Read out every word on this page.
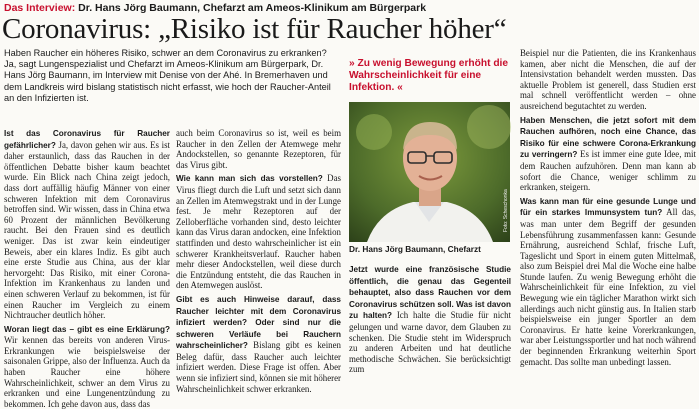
Das Interview: Dr. Hans Jörg Baumann, Chefarzt am Ameos-Klinikum am Bürgerpark
Coronavirus: „Risiko ist für Raucher höher“
Haben Raucher ein höheres Risiko, schwer an dem Coronavirus zu erkranken? Ja, sagt Lungenspezialist und Chefarzt im Ameos-Klinikum am Bürgerpark, Dr. Hans Jörg Baumann, im Interview mit Denise von der Ahé. In Bremerhaven und dem Landkreis wird bislang statistisch nicht erfasst, wie hoch der Raucher-Anteil an den Infizierten ist.

Ist das Coronavirus für Raucher gefährlicher? Ja, davon gehen wir aus. Es ist daher erstaunlich, dass das Rauchen in der öffentlichen Debatte bisher kaum beachtet wurde. Ein Blick nach China zeigt jedoch, dass dort auffällig häufig Männer von einer schweren Infektion mit dem Coronavirus betroffen sind. Wir wissen, dass in China etwa 60 Prozent der männlichen Bevölkerung raucht. Bei den Frauen sind es deutlich weniger. Das ist zwar kein eindeutiger Beweis, aber ein klares Indiz. Es gibt auch eine erste Studie aus China, aus der klar hervorgeht: Das Risiko, mit einer Corona-Infektion im Krankenhaus zu landen und einen schweren Verlauf zu bekommen, ist für einen Raucher im Vergleich zu einem Nichtraucher deutlich höher.

Woran liegt das – gibt es eine Erklärung? Wir kennen das bereits von anderen Virus-Erkrankungen wie beispielsweise der saisonalen Grippe, also der Influenza. Auch da haben Raucher eine höhere Wahrscheinlichkeit, schwer an dem Virus zu erkranken und eine Lungenentzündung zu bekommen. Ich gehe davon aus, dass das

auch beim Coronavirus so ist, weil es beim Raucher in den Zellen der Atemwege mehr Andockstellen, so genannte Rezeptoren, für das Virus gibt.

Wie kann man sich das vorstellen? Das Virus fliegt durch die Luft und setzt sich dann an Zellen im Atemwegstrakt und in der Lunge fest. Je mehr Rezeptoren auf der Zelloberfläche vorhanden sind, desto leichter kann das Virus daran andocken, eine Infektion stattfinden und desto wahrscheinlicher ist ein schwerer Krankheitsverlauf. Raucher haben mehr dieser Andockstellen, weil diese durch die Entzündung entsteht, die das Rauchen in den Atemwegen auslöst.

Gibt es auch Hinweise darauf, dass Raucher leichter mit dem Coronavirus infiziert werden? Oder sind nur die schweren Verläufe bei Rauchern wahrscheinlicher? Bislang gibt es keinen Beleg dafür, dass Raucher auch leichter infiziert werden. Diese Frage ist offen. Aber wenn sie infiziert sind, können sie mit höherer Wahrscheinlichkeit schwer erkranken.

» Zu wenig Bewegung erhöht die Wahrscheinlichkeit für eine Infektion. «
Foto: Scheschonka
Dr. Hans Jörg Baumann, Chefarzt

Jetzt wurde eine französische Studie öffentlich, die genau das Gegenteil behauptet, also dass Rauchen vor dem Coronavirus schützen soll. Was ist davon zu halten? Ich halte die Studie für nicht gelungen und warne davor, dem Glauben zu schenken. Die Studie steht im Widerspruch zu anderen Arbeiten und hat deutliche methodische Schwächen. Sie berücksichtigt zum

Beispiel nur die Patienten, die ins Krankenhaus kamen, aber nicht die Menschen, die auf der Intensivstation behandelt werden mussten. Das aktuelle Problem ist generell, dass Studien erst mal schnell veröffentlicht werden – ohne ausreichend begutachtet zu werden.

Haben Menschen, die jetzt sofort mit dem Rauchen aufhören, noch eine Chance, das Risiko für eine schwere Corona-Erkrankung zu verringern? Es ist immer eine gute Idee, mit dem Rauchen aufzuhören. Denn man kann ab sofort die Chance, weniger schlimm zu erkranken, steigern.

Was kann man für eine gesunde Lunge und für ein starkes Immunsystem tun? All das, was man unter dem Begriff der gesunden Lebensführung zusammenfassen kann: Gesunde Ernährung, ausreichend Schlaf, frische Luft, Tageslicht und Sport in einem guten Mittelmaß, also zum Beispiel drei Mal die Woche eine halbe Stunde laufen. Zu wenig Bewegung erhöht die Wahrscheinlichkeit für eine Infektion, zu viel Bewegung wie ein täglicher Marathon wirkt sich allerdings auch nicht günstig aus. In Italien starb beispielsweise ein junger Sportler an dem Coronavirus. Er hatte keine Vorerkrankungen, war aber Leistungssportler und hat noch während der beginnenden Erkrankung weiterhin Sport gemacht. Das sollte man unbedingt lassen.
